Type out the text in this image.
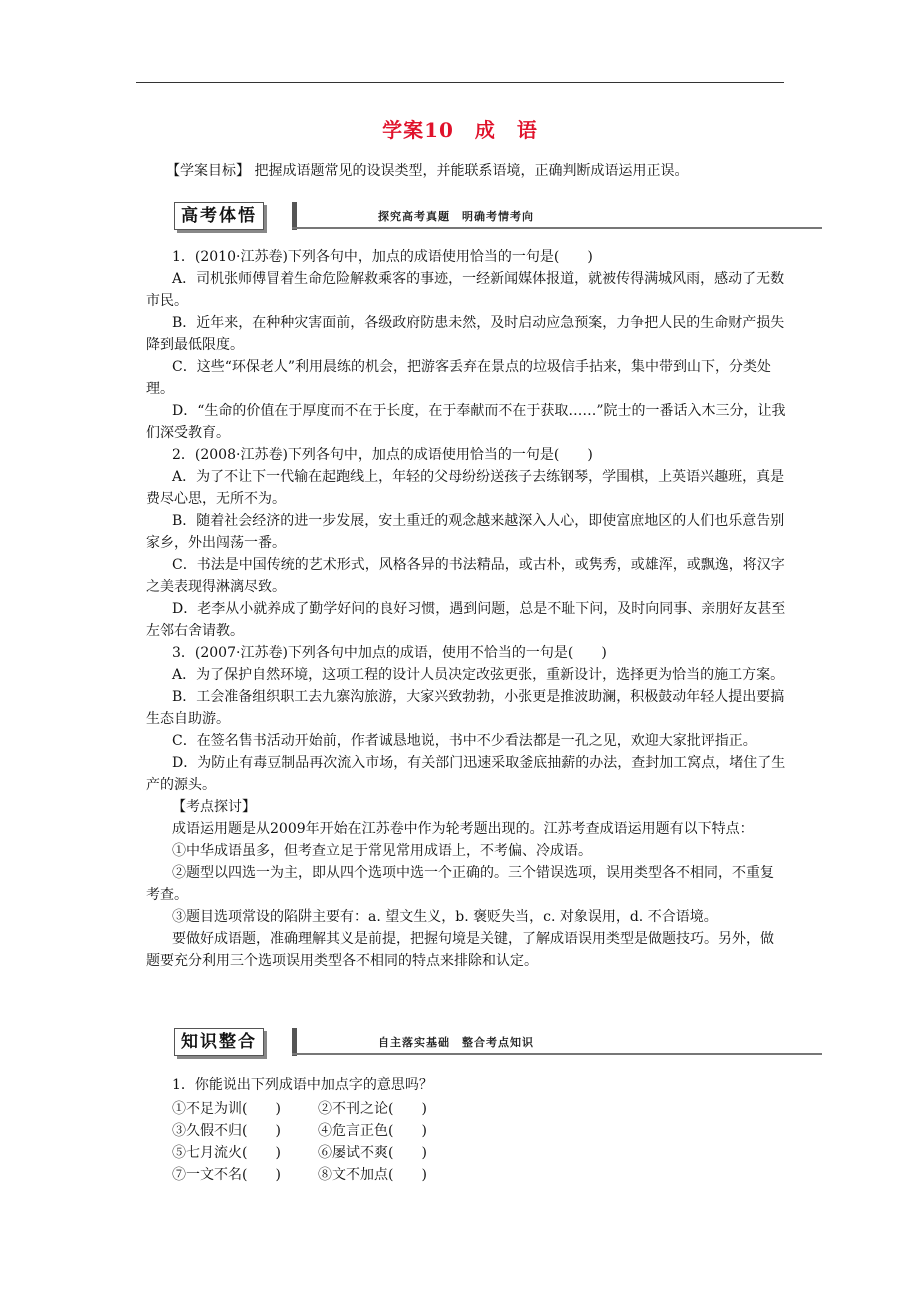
学案10　成　语
【学案目标】 把握成语题常见的设误类型，并能联系语境，正确判断成语运用正误。
高考体悟	探究高考真题　明确考情考向

1．(2010·江苏卷)下列各句中，加点的成语使用恰当的一句是(　　)

A．司机张师傅冒着生命危险解救乘客的事迹，一经新闻媒体报道，就被传得满城风雨，感动了无数市民。

B．近年来，在种种灾害面前，各级政府防患未然，及时启动应急预案，力争把人民的生命财产损失降到最低限度。

C．这些“环保老人”利用晨练的机会，把游客丢弃在景点的垃圾信手拈来，集中带到山下，分类处理。

D．“生命的价值在于厚度而不在于长度，在于奉献而不在于获取……”院士的一番话入木三分，让我们深受教育。

2．(2008·江苏卷)下列各句中，加点的成语使用恰当的一句是(　　)

A．为了不让下一代输在起跑线上，年轻的父母纷纷送孩子去练钢琴，学围棋，上英语兴趣班，真是费尽心思，无所不为。

B．随着社会经济的进一步发展，安土重迁的观念越来越深入人心，即使富庶地区的人们也乐意告别家乡，外出闯荡一番。

C．书法是中国传统的艺术形式，风格各异的书法精品，或古朴，或隽秀，或雄浑，或飘逸，将汉字之美表现得淋漓尽致。

D．老李从小就养成了勤学好问的良好习惯，遇到问题，总是不耻下问，及时向同事、亲朋好友甚至左邻右舍请教。

3．(2007·江苏卷)下列各句中加点的成语，使用不恰当的一句是(　　)

A．为了保护自然环境，这项工程的设计人员决定改弦更张，重新设计，选择更为恰当的施工方案。

B．工会准备组织职工去九寨沟旅游，大家兴致勃勃，小张更是推波助澜，积极鼓动年轻人提出要搞生态自助游。

C．在签名售书活动开始前，作者诚恳地说，书中不少看法都是一孔之见，欢迎大家批评指正。

D．为防止有毒豆制品再次流入市场，有关部门迅速采取釜底抽薪的办法，查封加工窝点，堵住了生产的源头。

【考点探讨】

成语运用题是从2009年开始在江苏卷中作为轮考题出现的。江苏考查成语运用题有以下特点：

①中华成语虽多，但考查立足于常见常用成语上，不考偏、冷成语。

②题型以四选一为主，即从四个选项中选一个正确的。三个错误选项，误用类型各不相同，不重复考查。

③题目选项常设的陷阱主要有：a. 望文生义，b. 褒贬失当，c. 对象误用，d. 不合语境。

要做好成语题，准确理解其义是前提，把握句境是关键，了解成语误用类型是做题技巧。另外，做题要充分利用三个选项误用类型各不相同的特点来排除和认定。

知识整合	自主落实基础　整合考点知识

1．你能说出下列成语中加点字的意思吗？

①不足为训(　　)	②不刊之论(　　)
③久假不归(　　)	④危言正色(　　)
⑤七月流火(　　)	⑥屡试不爽(　　)
⑦一文不名(　　)	⑧文不加点(　　)
